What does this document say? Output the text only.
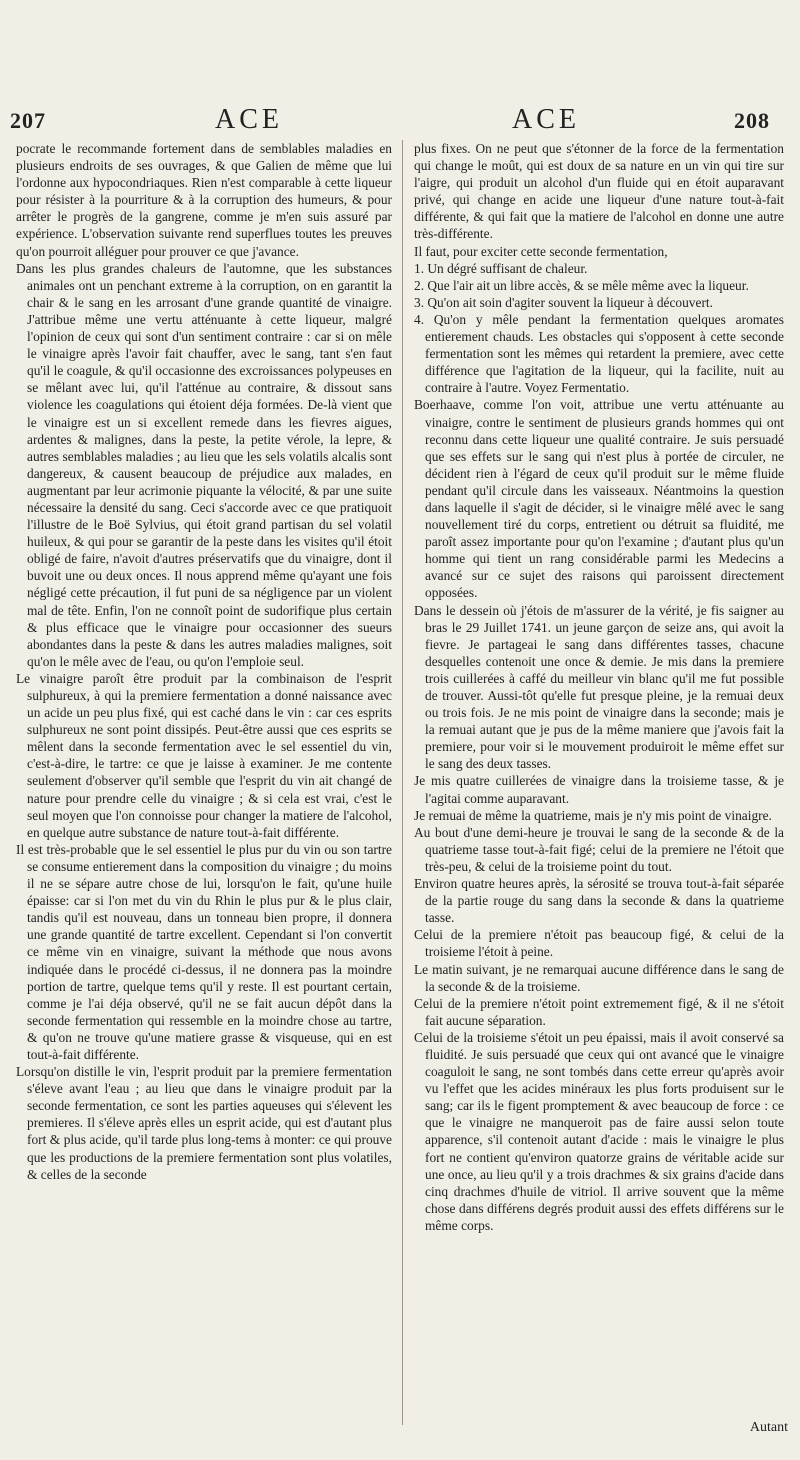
207	ACE	ACE	208

pocrate le recommande fortement dans de semblables maladies en plusieurs endroits de ses ouvrages, & que Galien de même que lui l'ordonne aux hypocondriaques. Rien n'est comparable à cette liqueur pour résister à la pourriture & à la corruption des humeurs, & pour arrêter le progrès de la gangrene, comme je m'en suis assuré par expérience. L'observation suivante rend superflues toutes les preuves qu'on pourroit alléguer pour prouver ce que j'avance.

Dans les plus grandes chaleurs de l'automne, que les substances animales ont un penchant extreme à la corruption, on en garantit la chair & le sang en les arrosant d'une grande quantité de vinaigre. J'attribue même une vertu atténuante à cette liqueur, malgré l'opinion de ceux qui sont d'un sentiment contraire : car si on mêle le vinaigre après l'avoir fait chauffer, avec le sang, tant s'en faut qu'il le coagule, & qu'il occasionne des excroissances polypeuses en se mêlant avec lui, qu'il l'atténue au contraire, & dissout sans violence les coagulations qui étoient déja formées. De-là vient que le vinaigre est un si excellent remede dans les fievres aigues, ardentes & malignes, dans la peste, la petite vérole, la lepre, & autres semblables maladies ; au lieu que les sels volatils alcalis sont dangereux, & causent beaucoup de préjudice aux malades, en augmentant par leur acrimonie piquante la vélocité, & par une suite nécessaire la densité du sang. Ceci s'accorde avec ce que pratiquoit l'illustre de le Boë Sylvius, qui étoit grand partisan du sel volatil huileux, & qui pour se garantir de la peste dans les visites qu'il étoit obligé de faire, n'avoit d'autres préservatifs que du vinaigre, dont il buvoit une ou deux onces. Il nous apprend même qu'ayant une fois négligé cette précaution, il fut puni de sa négligence par un violent mal de tête. Enfin, l'on ne connoît point de sudorifique plus certain & plus efficace que le vinaigre pour occasionner des sueurs abondantes dans la peste & dans les autres maladies malignes, soit qu'on le mêle avec de l'eau, ou qu'on l'emploie seul.

Le vinaigre paroît être produit par la combinaison de l'esprit sulphureux, à qui la premiere fermentation a donné naissance avec un acide un peu plus fixé, qui est caché dans le vin : car ces esprits sulphureux ne sont point dissipés. Peut-être aussi que ces esprits se mêlent dans la seconde fermentation avec le sel essentiel du vin, c'est-à-dire, le tartre: ce que je laisse à examiner. Je me contente seulement d'observer qu'il semble que l'esprit du vin ait changé de nature pour prendre celle du vinaigre ; & si cela est vrai, c'est le seul moyen que l'on connoisse pour changer la matiere de l'alcohol, en quelque autre substance de nature tout-à-fait différente.

Il est très-probable que le sel essentiel le plus pur du vin ou son tartre se consume entierement dans la composition du vinaigre ; du moins il ne se sépare autre chose de lui, lorsqu'on le fait, qu'une huile épaisse: car si l'on met du vin du Rhin le plus pur & le plus clair, tandis qu'il est nouveau, dans un tonneau bien propre, il donnera une grande quantité de tartre excellent. Cependant si l'on convertit ce même vin en vinaigre, suivant la méthode que nous avons indiquée dans le procédé ci-dessus, il ne donnera pas la moindre portion de tartre, quelque tems qu'il y reste. Il est pourtant certain, comme je l'ai déja observé, qu'il ne se fait aucun dépôt dans la seconde fermentation qui ressemble en la moindre chose au tartre, & qu'on ne trouve qu'une matiere grasse & visqueuse, qui en est tout-à-fait différente.

Lorsqu'on distille le vin, l'esprit produit par la premiere fermentation s'éleve avant l'eau ; au lieu que dans le vinaigre produit par la seconde fermentation, ce sont les parties aqueuses qui s'élevent les premieres. Il s'éleve après elles un esprit acide, qui est d'autant plus fort & plus acide, qu'il tarde plus long-tems à monter: ce qui prouve que les productions de la premiere fermentation sont plus volatiles, & celles de la seconde

plus fixes. On ne peut que s'étonner de la force de la fermentation qui change le moût, qui est doux de sa nature en un vin qui tire sur l'aigre, qui produit un alcohol d'un fluide qui en étoit auparavant privé, qui change en acide une liqueur d'une nature tout-à-fait différente, & qui fait que la matiere de l'alcohol en donne une autre très-différente.

Il faut, pour exciter cette seconde fermentation,

1. Un dégré suffisant de chaleur.

2. Que l'air ait un libre accès, & se mêle même avec la liqueur.

3. Qu'on ait soin d'agiter souvent la liqueur à découvert.

4. Qu'on y mêle pendant la fermentation quelques aromates entierement chauds. Les obstacles qui s'opposent à cette seconde fermentation sont les mêmes qui retardent la premiere, avec cette différence que l'agitation de la liqueur, qui la facilite, nuit au contraire à l'autre. Voyez Fermentatio.

Boerhaave, comme l'on voit, attribue une vertu atténuante au vinaigre, contre le sentiment de plusieurs grands hommes qui ont reconnu dans cette liqueur une qualité contraire. Je suis persuadé que ses effets sur le sang qui n'est plus à portée de circuler, ne décident rien à l'égard de ceux qu'il produit sur le même fluide pendant qu'il circule dans les vaisseaux. Néantmoins la question dans laquelle il s'agit de décider, si le vinaigre mêlé avec le sang nouvellement tiré du corps, entretient ou détruit sa fluidité, me paroît assez importante pour qu'on l'examine ; d'autant plus qu'un homme qui tient un rang considérable parmi les Medecins a avancé sur ce sujet des raisons qui paroissent directement opposées.

Dans le dessein où j'étois de m'assurer de la vérité, je fis saigner au bras le 29 Juillet 1741. un jeune garçon de seize ans, qui avoit la fievre. Je partageai le sang dans différentes tasses, chacune desquelles contenoit une once & demie. Je mis dans la premiere trois cuillerées à caffé du meilleur vin blanc qu'il me fut possible de trouver. Aussi-tôt qu'elle fut presque pleine, je la remuai deux ou trois fois. Je ne mis point de vinaigre dans la seconde; mais je la remuai autant que je pus de la même maniere que j'avois fait la premiere, pour voir si le mouvement produiroit le même effet sur le sang des deux tasses.

Je mis quatre cuillerées de vinaigre dans la troisieme tasse, & je l'agitai comme auparavant.

Je remuai de même la quatrieme, mais je n'y mis point de vinaigre.

Au bout d'une demi-heure je trouvai le sang de la seconde & de la quatrieme tasse tout-à-fait figé; celui de la premiere ne l'étoit que très-peu, & celui de la troisieme point du tout.

Environ quatre heures après, la sérosité se trouva tout-à-fait séparée de la partie rouge du sang dans la seconde & dans la quatrieme tasse.

Celui de la premiere n'étoit pas beaucoup figé, & celui de la troisieme l'étoit à peine.

Le matin suivant, je ne remarquai aucune différence dans le sang de la seconde & de la troisieme.

Celui de la premiere n'étoit point extremement figé, & il ne s'étoit fait aucune séparation.

Celui de la troisieme s'étoit un peu épaissi, mais il avoit conservé sa fluidité. Je suis persuadé que ceux qui ont avancé que le vinaigre coaguloit le sang, ne sont tombés dans cette erreur qu'après avoir vu l'effet que les acides minéraux les plus forts produisent sur le sang; car ils le figent promptement & avec beaucoup de force : ce que le vinaigre ne manqueroit pas de faire aussi selon toute apparence, s'il contenoit autant d'acide : mais le vinaigre le plus fort ne contient qu'environ quatorze grains de véritable acide sur une once, au lieu qu'il y a trois drachmes & six grains d'acide dans cinq drachmes d'huile de vitriol. Il arrive souvent que la même chose dans différens degrés produit aussi des effets différens sur le même corps.

Autant
